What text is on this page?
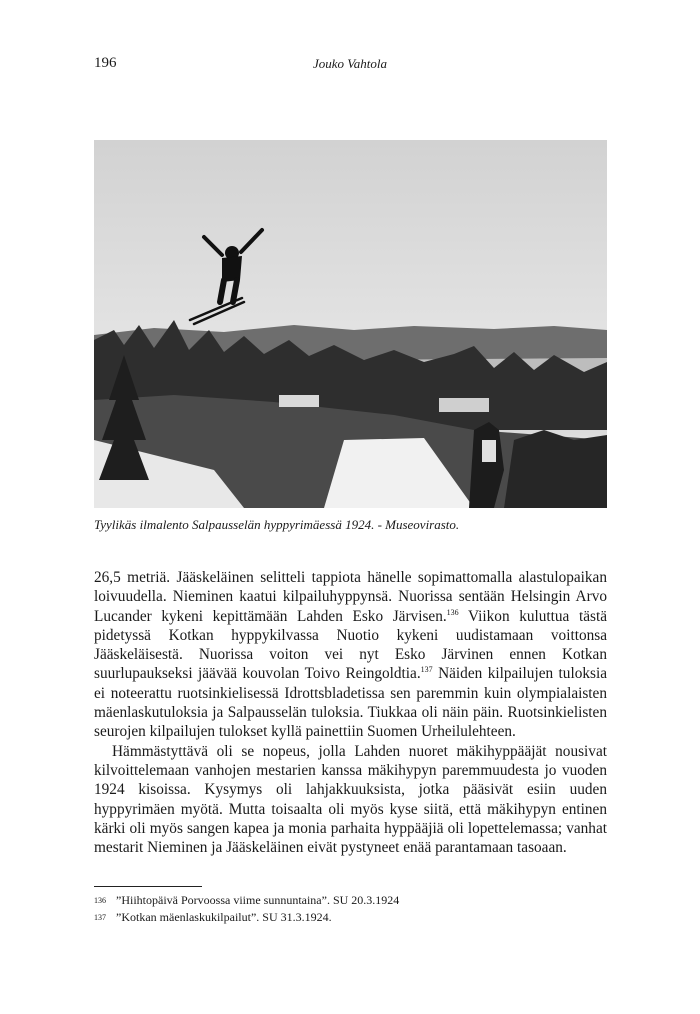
196	Jouko Vahtola
Tyylikäs ilmalento Salpausselän hyppyrimäessä 1924. - Museovirasto.

26,5 metriä. Jääskeläinen selitteli tappiota hänelle sopimattomalla alastulopaikan loivuudella. Nieminen kaatui kilpailuhyppynsä. Nuorissa sentään Helsingin Arvo Lucander kykeni kepittämään Lahden Esko Järvisen.$^{136}$ Viikon kuluttua tästä pidetyssä Kotkan hyppykilvassa Nuotio kykeni uudistamaan voittonsa Jääskeläisestä. Nuorissa voiton vei nyt Esko Järvinen ennen Kotkan suurlupaukseksi jäävää kouvolan Toivo Reingoldtia.$^{137}$ Näiden kilpailujen tuloksia ei noteerattu ruotsinkielisessä Idrottsbladetissa sen paremmin kuin olympialaisten mäenlaskutuloksia ja Salpausselän tuloksia. Tiukkaa oli näin päin. Ruotsinkielisten seurojen kilpailujen tulokset kyllä painettiin Suomen Urheilulehteen.

Hämmästyttävä oli se nopeus, jolla Lahden nuoret mäkihyppääjät nousivat kilvoittelemaan vanhojen mestarien kanssa mäkihypyn paremmuudesta jo vuoden 1924 kisoissa. Kysymys oli lahjakkuuksista, jotka pääsivät esiin uuden hyppyrimäen myötä. Mutta toisaalta oli myös kyse siitä, että mäkihypyn entinen kärki oli myös sangen kapea ja monia parhaita hyppääjiä oli lopettelemassa; vanhat mestarit Nieminen ja Jääskeläinen eivät pystyneet enää parantamaan tasoaan.

136 ”Hiihtopäivä Porvoossa viime sunnuntaina”. SU 20.3.1924
137 ”Kotkan mäenlaskukilpailut”. SU 31.3.1924.
